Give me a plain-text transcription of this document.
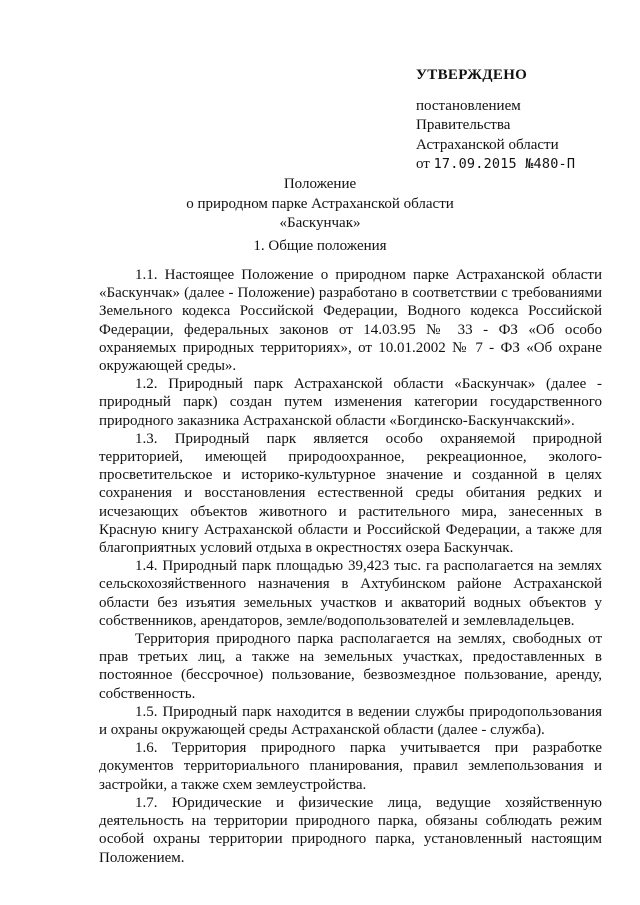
УТВЕРЖДЕНО
постановлением
Правительства
Астраханской области
от 17.09.2015 №480-П
Положение
о природном парке Астраханской области
«Баскунчак»
1. Общие положения

1.1. Настоящее Положение о природном парке Астраханской области «Баскунчак» (далее - Положение) разработано в соответствии с требованиями Земельного кодекса Российской Федерации, Водного кодекса Российской Федерации, федеральных законов от 14.03.95 № 33 - ФЗ «Об особо охраняемых природных территориях», от 10.01.2002 № 7 - ФЗ «Об охране окружающей среды».

1.2. Природный парк Астраханской области «Баскунчак» (далее - природный парк) создан путем изменения категории государственного природного заказника Астраханской области «Богдинско-Баскунчакский».

1.3. Природный парк является особо охраняемой природной территорией, имеющей природоохранное, рекреационное, эколого-просветительское и историко-культурное значение и созданной в целях сохранения и восстановления естественной среды обитания редких и исчезающих объектов животного и растительного мира, занесенных в Красную книгу Астраханской области и Российской Федерации, а также для благоприятных условий отдыха в окрестностях озера Баскунчак.

1.4. Природный парк площадью 39,423 тыс. га располагается на землях сельскохозяйственного назначения в Ахтубинском районе Астраханской области без изъятия земельных участков и акваторий водных объектов у собственников, арендаторов, земле/водопользователей и землевладельцев.

Территория природного парка располагается на землях, свободных от прав третьих лиц, а также на земельных участках, предоставленных в постоянное (бессрочное) пользование, безвозмездное пользование, аренду, собственность.

1.5. Природный парк находится в ведении службы природопользования и охраны окружающей среды Астраханской области (далее - служба).

1.6. Территория природного парка учитывается при разработке документов территориального планирования, правил землепользования и застройки, а также схем землеустройства.

1.7. Юридические и физические лица, ведущие хозяйственную деятельность на территории природного парка, обязаны соблюдать режим особой охраны территории природного парка, установленный настоящим Положением.
